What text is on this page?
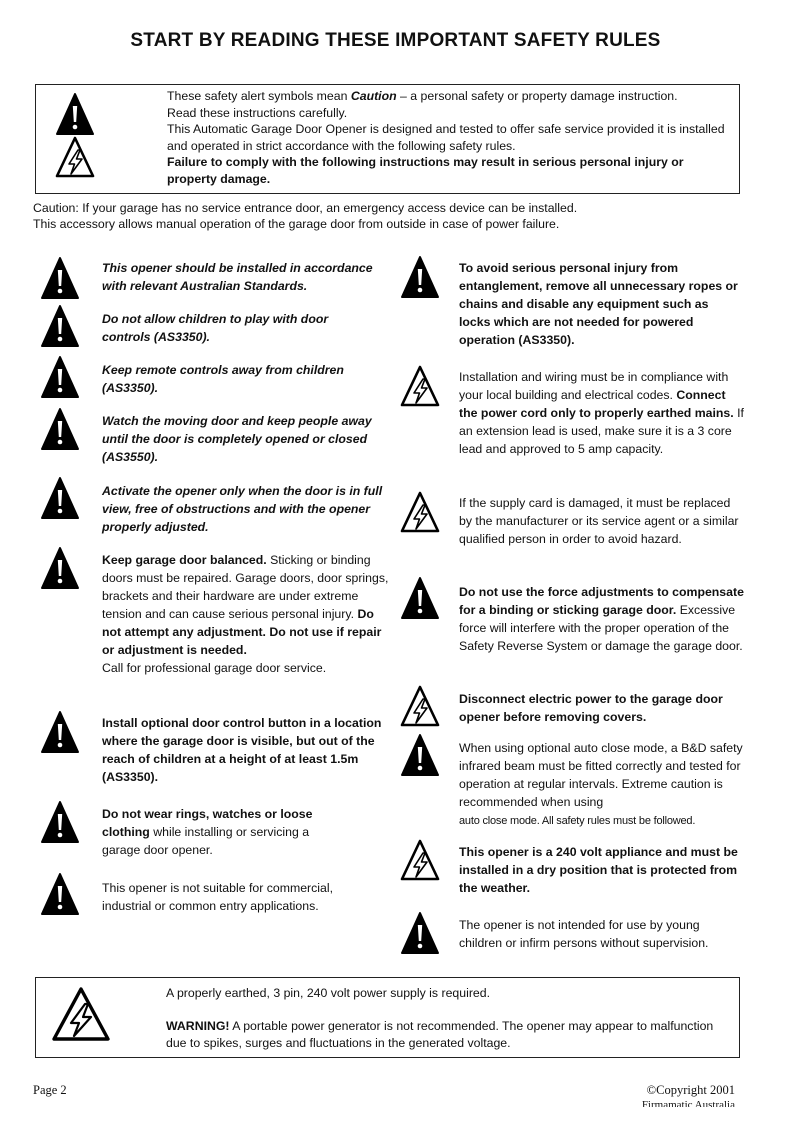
START BY READING THESE IMPORTANT SAFETY RULES
These safety alert symbols mean Caution – a personal safety or property damage instruction.
Read these instructions carefully.
This Automatic Garage Door Opener is designed and tested to offer safe service provided it is installed and operated in strict accordance with the following safety rules.
Failure to comply with the following instructions may result in serious personal injury or property damage.
Caution: If your garage has no service entrance door, an emergency access device can be installed.
This accessory allows manual operation of the garage door from outside in case of power failure.
This opener should be installed in accordance with relevant Australian Standards.
Do not allow children to play with door controls (AS3350).
Keep remote controls away from children (AS3350).
Watch the moving door and keep people away until the door is completely opened or closed (AS3550).
Activate the opener only when the door is in full view, free of obstructions and with the opener properly adjusted.
Keep garage door balanced. Sticking or binding doors must be repaired. Garage doors, door springs, brackets and their hardware are under extreme tension and can cause serious personal injury. Do not attempt any adjustment. Do not use if repair or adjustment is needed.
Call for professional garage door service.
Install optional door control button in a location where the garage door is visible, but out of the reach of children at a height of at least 1.5m (AS3350).
Do not wear rings, watches or loose clothing while installing or servicing a garage door opener.
This opener is not suitable for commercial, industrial or common entry applications.
To avoid serious personal injury from entanglement, remove all unnecessary ropes or chains and disable any equipment such as locks which are not needed for powered operation (AS3350).
Installation and wiring must be in compliance with your local building and electrical codes. Connect the power cord only to properly earthed mains. If an extension lead is used, make sure it is a 3 core lead and approved to 5 amp capacity.
If the supply card is damaged, it must be replaced by the manufacturer or its service agent or a similar qualified person in order to avoid hazard.
Do not use the force adjustments to compensate for a binding or sticking garage door. Excessive force will interfere with the proper operation of the Safety Reverse System or damage the garage door.
Disconnect electric power to the garage door opener before removing covers.
When using optional auto close mode, a B&D safety infrared beam must be fitted correctly and tested for operation at regular intervals. Extreme caution is recommended when using
auto close mode. All safety rules must be followed.
This opener is a 240 volt appliance and must be installed in a dry position that is protected from the weather.
The opener is not intended for use by young children or infirm persons without supervision.
A properly earthed, 3 pin, 240 volt power supply is required.
WARNING! A portable power generator is not recommended. The opener may appear to malfunction due to spikes, surges and fluctuations in the generated voltage.
Page 2	©Copyright 2001
Firmamatic Australia
